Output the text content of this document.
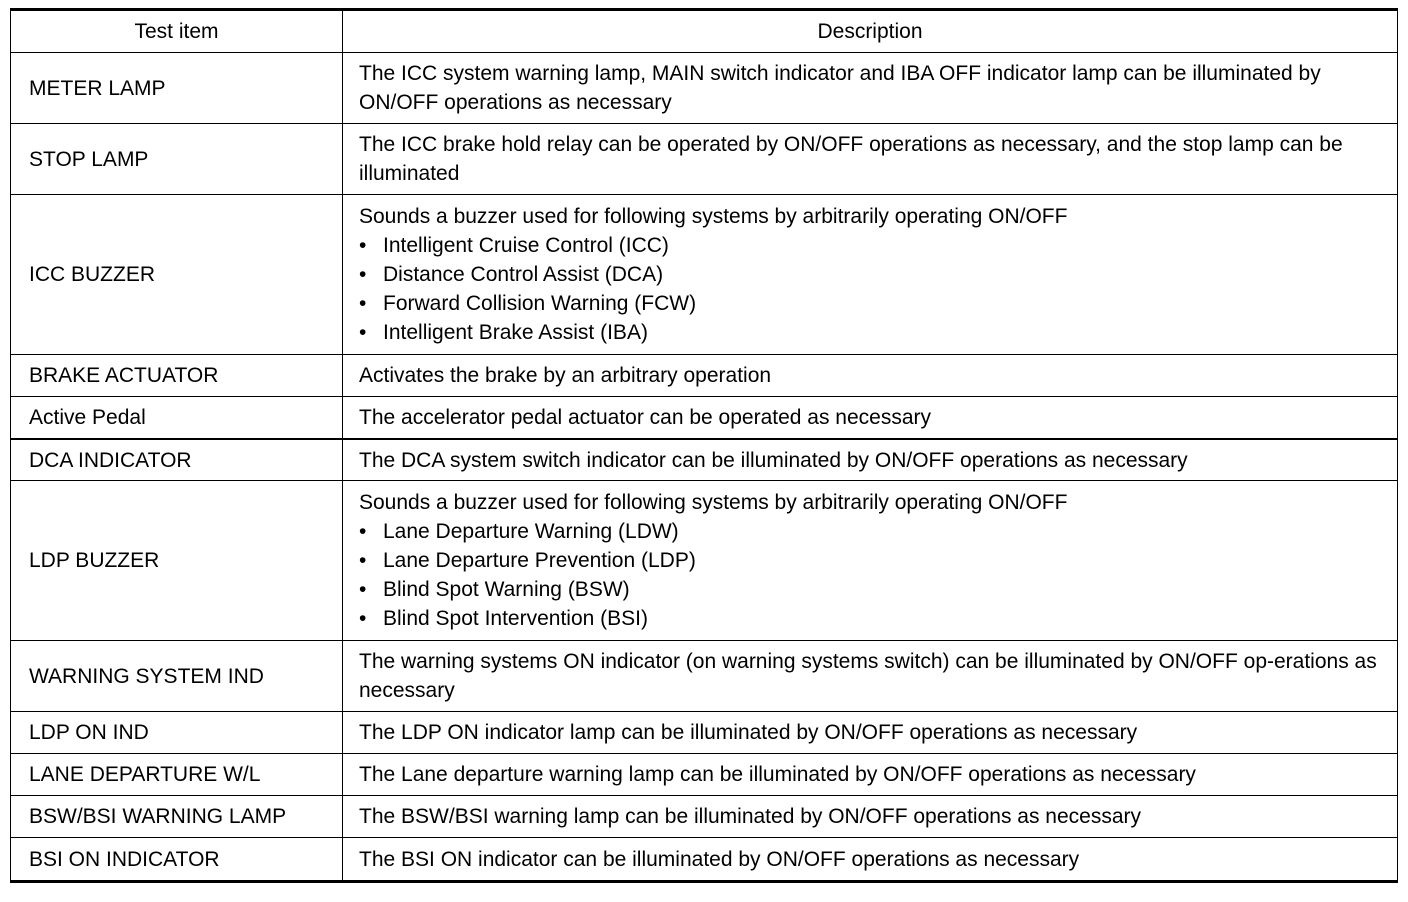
Test item	Description
METER LAMP	The ICC system warning lamp, MAIN switch indicator and IBA OFF indicator lamp can be illuminated by ON/OFF operations as necessary
STOP LAMP	The ICC brake hold relay can be operated by ON/OFF operations as necessary, and the stop lamp can be illuminated
ICC BUZZER	Sounds a buzzer used for following systems by arbitrarily operating ON/OFF
• Intelligent Cruise Control (ICC)
• Distance Control Assist (DCA)
• Forward Collision Warning (FCW)
• Intelligent Brake Assist (IBA)

BRAKE ACTUATOR	Activates the brake by an arbitrary operation
Active Pedal	The accelerator pedal actuator can be operated as necessary
DCA INDICATOR	The DCA system switch indicator can be illuminated by ON/OFF operations as necessary
LDP BUZZER	Sounds a buzzer used for following systems by arbitrarily operating ON/OFF
• Lane Departure Warning (LDW)
• Lane Departure Prevention (LDP)
• Blind Spot Warning (BSW)
• Blind Spot Intervention (BSI)

WARNING SYSTEM IND	The warning systems ON indicator (on warning systems switch) can be illuminated by ON/OFF op-erations as necessary
LDP ON IND	The LDP ON indicator lamp can be illuminated by ON/OFF operations as necessary
LANE DEPARTURE W/L	The Lane departure warning lamp can be illuminated by ON/OFF operations as necessary
BSW/BSI WARNING LAMP	The BSW/BSI warning lamp can be illuminated by ON/OFF operations as necessary
BSI ON INDICATOR	The BSI ON indicator can be illuminated by ON/OFF operations as necessary
